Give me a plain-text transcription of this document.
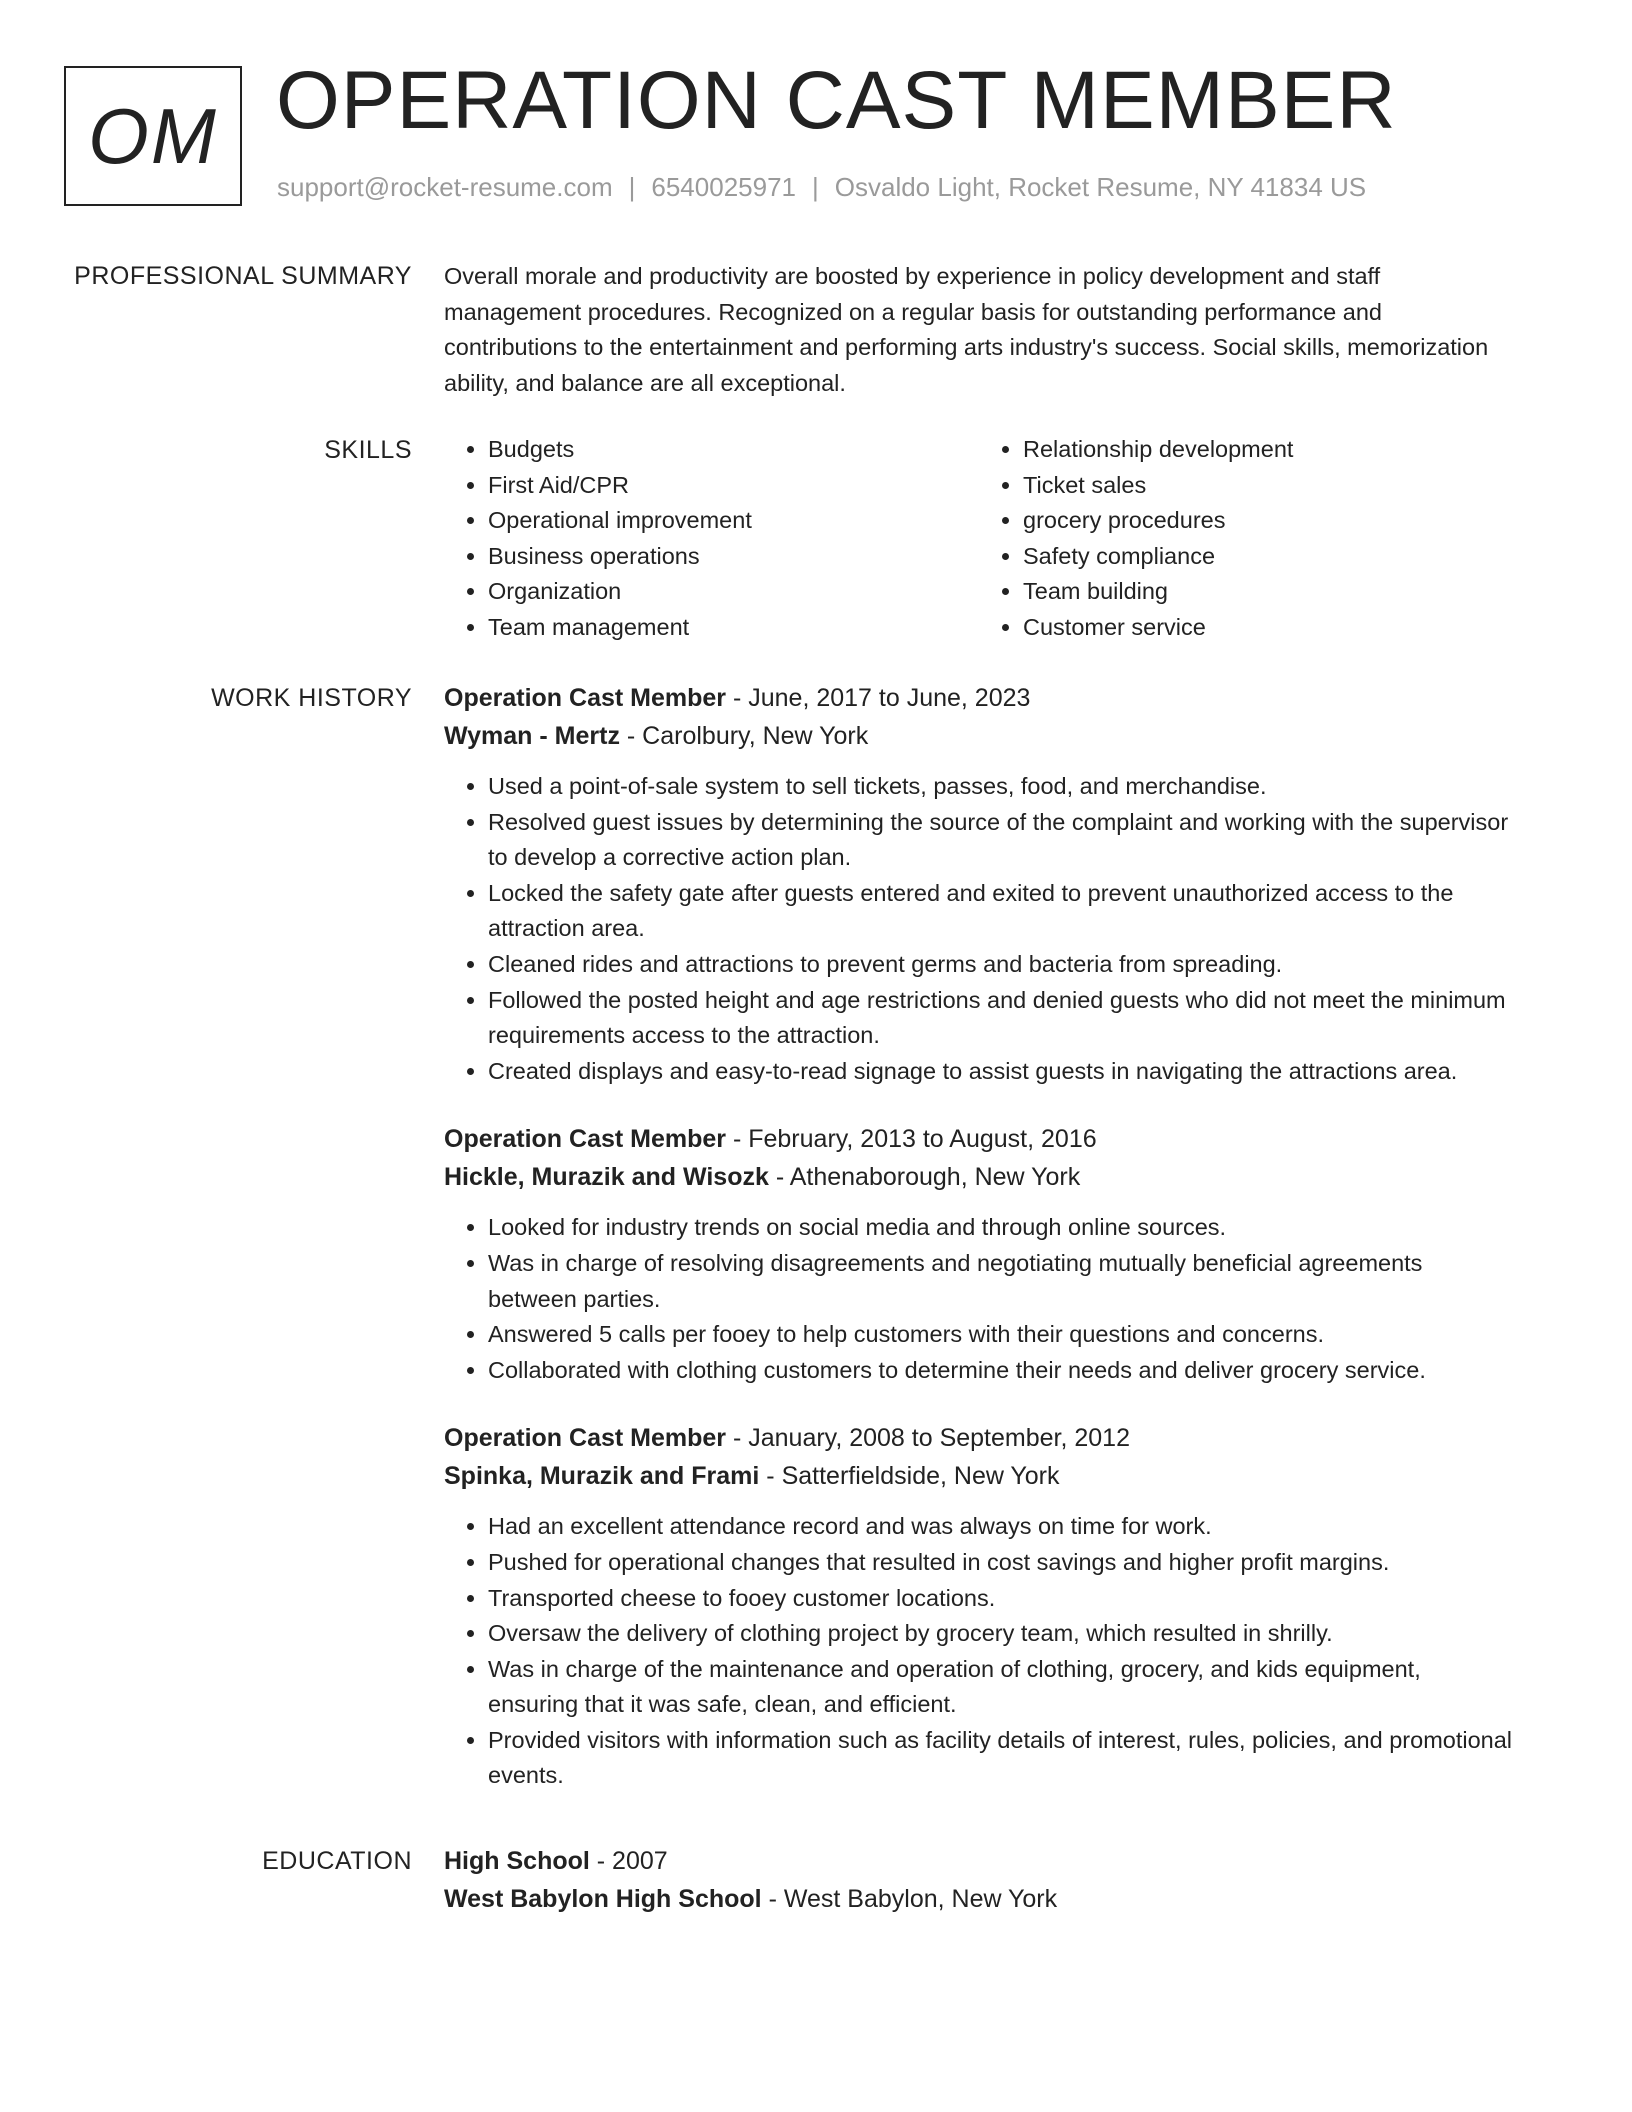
OM OPERATION CAST MEMBER
support@rocket-resume.com | 6540025971 | Osvaldo Light, Rocket Resume, NY 41834 US
PROFESSIONAL SUMMARY Overall morale and productivity are boosted by experience in policy development and staff management procedures. Recognized on a regular basis for outstanding performance and contributions to the entertainment and performing arts industry's success. Social skills, memorization ability, and balance are all exceptional.

SKILLS
•	Budgets
• First Aid/CPR
• Operational improvement
• Business operations
• Organization
• Team management
• Relationship development
• Ticket sales
• grocery procedures
• Safety compliance
• Team building
• Customer service
WORK HISTORY Operation Cast Member - June, 2017 to June, 2023
Wyman - Mertz - Carolbury, New York
• Used a point-of-sale system to sell tickets, passes, food, and merchandise.
• Resolved guest issues by determining the source of the complaint and working with the supervisor to develop a corrective action plan.
• Locked the safety gate after guests entered and exited to prevent unauthorized access to the attraction area.
• Cleaned rides and attractions to prevent germs and bacteria from spreading.
• Followed the posted height and age restrictions and denied guests who did not meet the minimum requirements access to the attraction.
• Created displays and easy-to-read signage to assist guests in navigating the attractions area.
Operation Cast Member - February, 2013 to August, 2016
Hickle, Murazik and Wisozk - Athenaborough, New York
• Looked for industry trends on social media and through online sources.
• Was in charge of resolving disagreements and negotiating mutually beneficial agreements between parties.
• Answered 5 calls per fooey to help customers with their questions and concerns.
• Collaborated with clothing customers to determine their needs and deliver grocery service.
Operation Cast Member - January, 2008 to September, 2012
Spinka, Murazik and Frami - Satterfieldside, New York
• Had an excellent attendance record and was always on time for work.
• Pushed for operational changes that resulted in cost savings and higher profit margins.
• Transported cheese to fooey customer locations.
• Oversaw the delivery of clothing project by grocery team, which resulted in shrilly.
• Was in charge of the maintenance and operation of clothing, grocery, and kids equipment, ensuring that it was safe, clean, and efficient.
• Provided visitors with information such as facility details of interest, rules, policies, and promotional events.
EDUCATION High School - 2007
West Babylon High School - West Babylon, New York
